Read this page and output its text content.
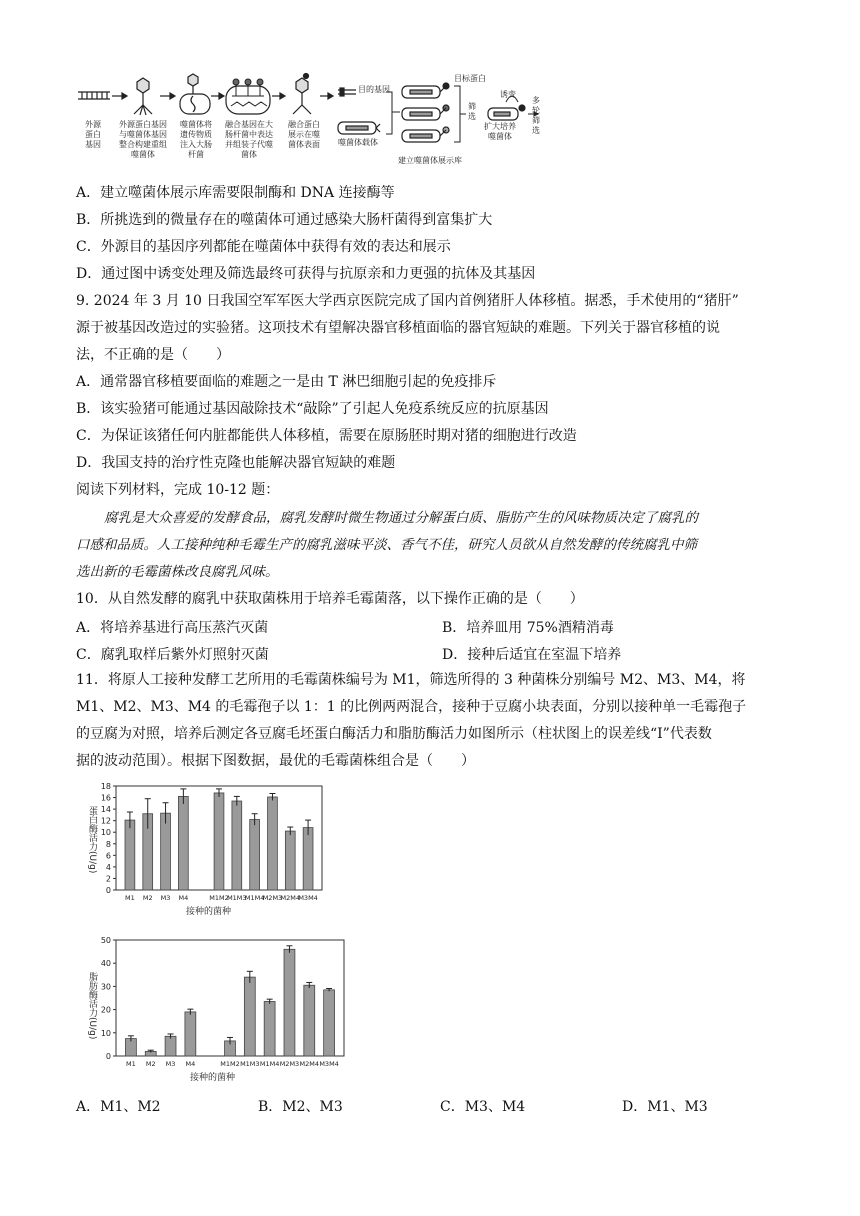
外源
蛋白
基因
外源蛋白基因
与噬菌体基因
整合构建重组
噬菌体
噬菌体将
遗传物质
注入大肠
杆菌
融合基因在大
肠杆菌中表达
并组装子代噬
菌体
融合蛋白
展示在噬
菌体表面
目的基因
噬菌体载体
目标蛋白
建立噬菌体展示库
筛
选
诱变
扩大培养
噬菌体
多
轮
筛
选
A．建立噬菌体展示库需要限制酶和 DNA 连接酶等
B．所挑选到的微量存在的噬菌体可通过感染大肠杆菌得到富集扩大
C．外源目的基因序列都能在噬菌体中获得有效的表达和展示
D．通过图中诱变处理及筛选最终可获得与抗原亲和力更强的抗体及其基因
9. 2024 年 3 月 10 日我国空军军医大学西京医院完成了国内首例猪肝人体移植。据悉，手术使用的“猪肝”
源于被基因改造过的实验猪。这项技术有望解决器官移植面临的器官短缺的难题。下列关于器官移植的说
法，不正确的是（　　）
A．通常器官移植要面临的难题之一是由 T 淋巴细胞引起的免疫排斥
B．该实验猪可能通过基因敲除技术“敲除”了引起人免疫系统反应的抗原基因
C．为保证该猪任何内脏都能供人体移植，需要在原肠胚时期对猪的细胞进行改造
D．我国支持的治疗性克隆也能解决器官短缺的难题
阅读下列材料，完成 10-12 题：
腐乳是大众喜爱的发酵食品，腐乳发酵时微生物通过分解蛋白质、脂肪产生的风味物质决定了腐乳的
口感和品质。人工接种纯种毛霉生产的腐乳滋味平淡、香气不佳，研究人员欲从自然发酵的传统腐乳中筛
选出新的毛霉菌株改良腐乳风味。
10．从自然发酵的腐乳中获取菌株用于培养毛霉菌落，以下操作正确的是（　　）
A．将培养基进行高压蒸汽灭菌	B．培养皿用 75%酒精消毒
C．腐乳取样后紫外灯照射灭菌	D．接种后适宜在室温下培养
11．将原人工接种发酵工艺所用的毛霉菌株编号为 M1，筛选所得的 3 种菌株分别编号 M2、M3、M4，将
M1、M2、M3、M4 的毛霉孢子以 1：1 的比例两两混合，接种于豆腐小块表面，分别以接种单一毛霉孢子
的豆腐为对照，培养后测定各豆腐毛坯蛋白酶活力和脂肪酶活力如图所示（柱状图上的误差线“I”代表数
据的波动范围）。根据下图数据，最优的毛霉菌株组合是（　　）
0
2
4
6
8
10
12
14
16
18
M1 M2 M3 M4	M1M2
M1M3
M1M4
M2M3
M2M4
M3M4
蛋白酶活力(U/g)
接种的菌种
0
10
20
30
40
50
M1 M2 M3 M4	M1M2 M1M3 M1M4 M2M3 M2M4 M3M4
脂肪酶活力(U/g)
接种的菌种
A．M1、M2	B．M2、M3	C．M3、M4	D．M1、M3
